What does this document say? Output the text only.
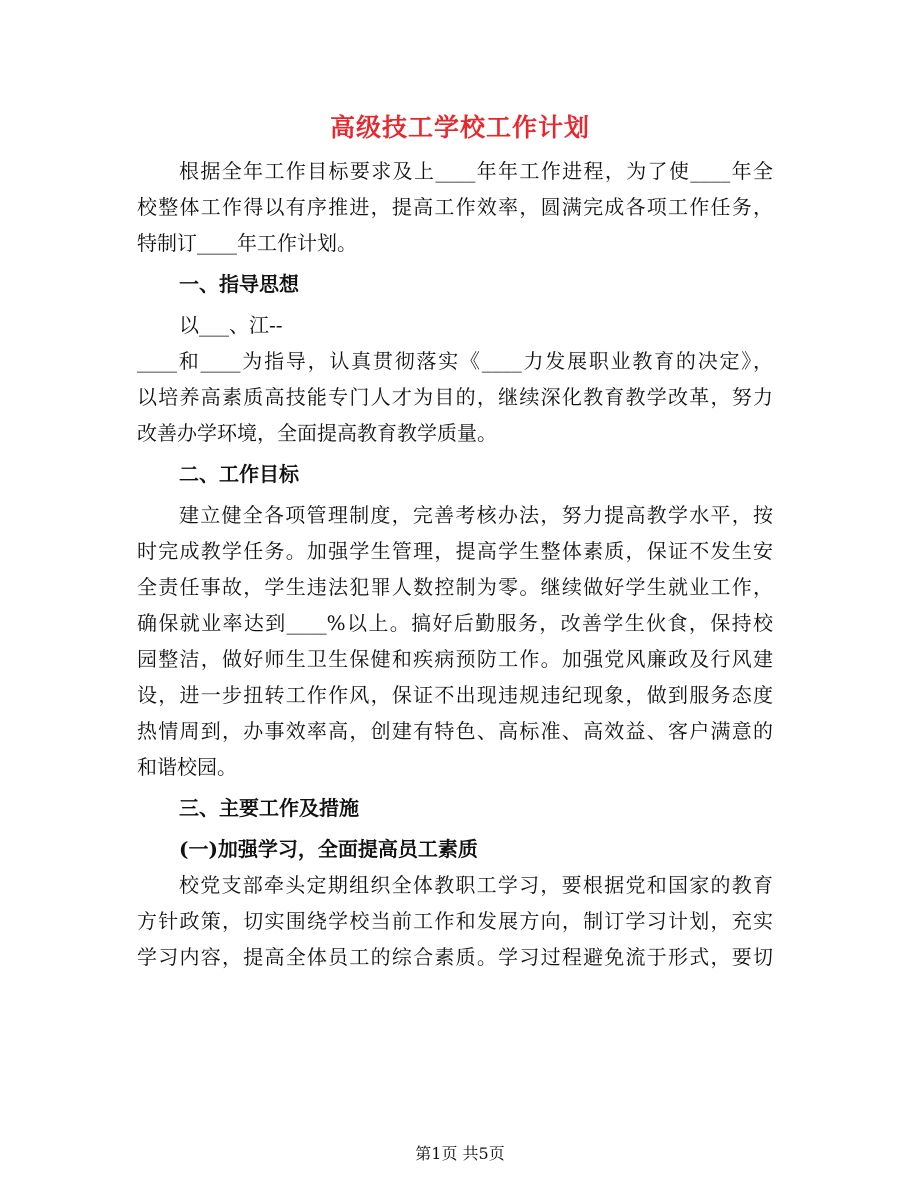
高级技工学校工作计划
根据全年工作目标要求及上____年年工作进程，为了使____年全
校整体工作得以有序推进，提高工作效率，圆满完成各项工作任务，
特制订____年工作计划。
一、指导思想
以___、江--
____和____为指导，认真贯彻落实《____力发展职业教育的决定》，
以培养高素质高技能专门人才为目的，继续深化教育教学改革，努力
改善办学环境，全面提高教育教学质量。
二、工作目标
建立健全各项管理制度，完善考核办法，努力提高教学水平，按
时完成教学任务。加强学生管理，提高学生整体素质，保证不发生安
全责任事故，学生违法犯罪人数控制为零。继续做好学生就业工作，
确保就业率达到____%以上。搞好后勤服务，改善学生伙食，保持校
园整洁，做好师生卫生保健和疾病预防工作。加强党风廉政及行风建
设，进一步扭转工作作风，保证不出现违规违纪现象，做到服务态度
热情周到，办事效率高，创建有特色、高标准、高效益、客户满意的
和谐校园。
三、主要工作及措施
(一)加强学习，全面提高员工素质
校党支部牵头定期组织全体教职工学习，要根据党和国家的教育
方针政策，切实围绕学校当前工作和发展方向，制订学习计划，充实
学习内容，提高全体员工的综合素质。学习过程避免流于形式，要切
第1页 共5页
